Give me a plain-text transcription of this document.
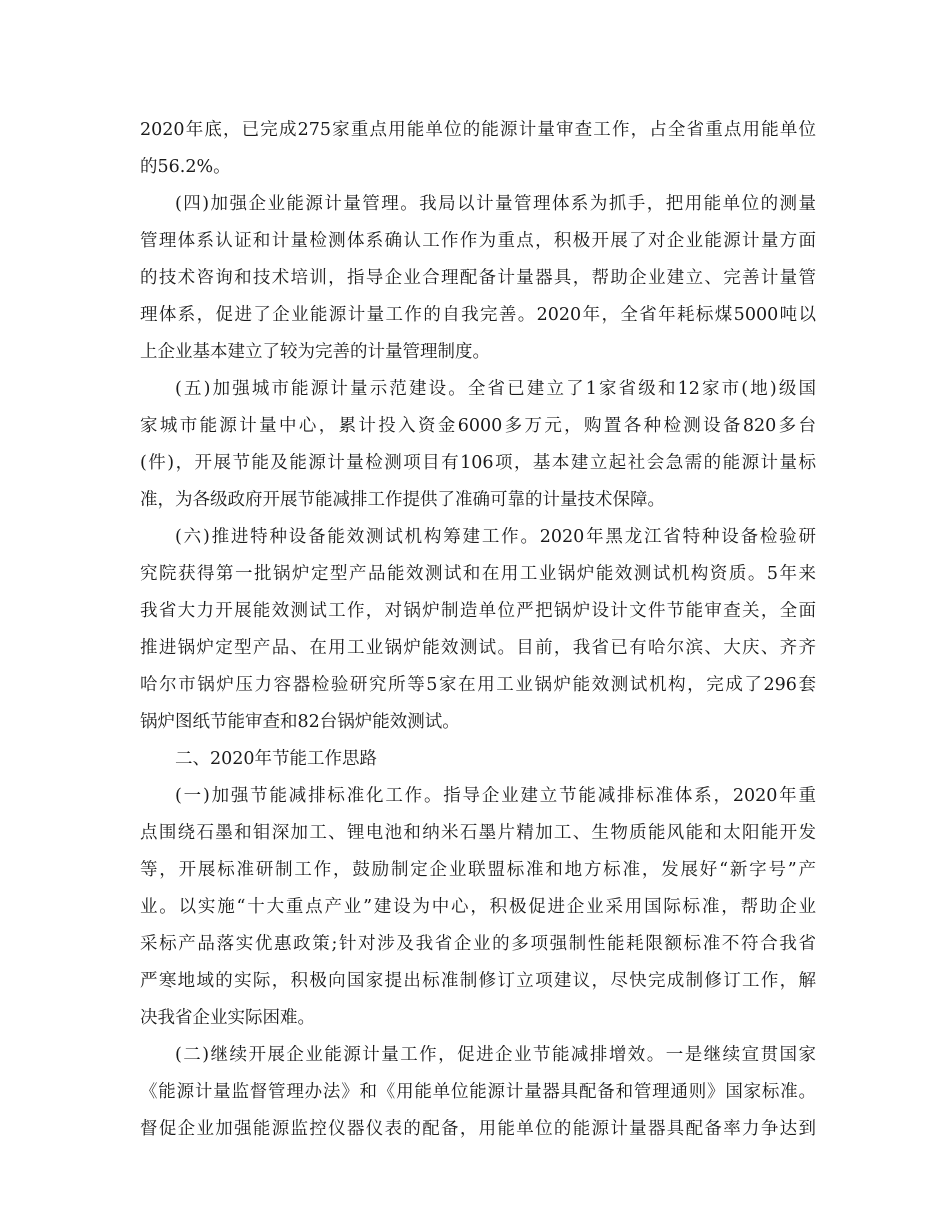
2020年底，已完成275家重点用能单位的能源计量审查工作，占全省重点用能单位
的56.2%。
(四)加强企业能源计量管理。我局以计量管理体系为抓手，把用能单位的测量
管理体系认证和计量检测体系确认工作作为重点，积极开展了对企业能源计量方面
的技术咨询和技术培训，指导企业合理配备计量器具，帮助企业建立、完善计量管
理体系，促进了企业能源计量工作的自我完善。2020年，全省年耗标煤5000吨以
上企业基本建立了较为完善的计量管理制度。
(五)加强城市能源计量示范建设。全省已建立了1家省级和12家市(地)级国
家城市能源计量中心，累计投入资金6000多万元，购置各种检测设备820多台
(件)，开展节能及能源计量检测项目有106项，基本建立起社会急需的能源计量标
准，为各级政府开展节能减排工作提供了准确可靠的计量技术保障。
(六)推进特种设备能效测试机构筹建工作。2020年黑龙江省特种设备检验研
究院获得第一批锅炉定型产品能效测试和在用工业锅炉能效测试机构资质。5年来
我省大力开展能效测试工作，对锅炉制造单位严把锅炉设计文件节能审查关，全面
推进锅炉定型产品、在用工业锅炉能效测试。目前，我省已有哈尔滨、大庆、齐齐
哈尔市锅炉压力容器检验研究所等5家在用工业锅炉能效测试机构，完成了296套
锅炉图纸节能审查和82台锅炉能效测试。
二、2020年节能工作思路
(一)加强节能减排标准化工作。指导企业建立节能减排标准体系，2020年重
点围绕石墨和钼深加工、锂电池和纳米石墨片精加工、生物质能风能和太阳能开发
等，开展标准研制工作，鼓励制定企业联盟标准和地方标准，发展好“新字号”产
业。以实施“十大重点产业”建设为中心，积极促进企业采用国际标准，帮助企业
采标产品落实优惠政策;针对涉及我省企业的多项强制性能耗限额标准不符合我省
严寒地域的实际，积极向国家提出标准制修订立项建议，尽快完成制修订工作，解
决我省企业实际困难。
(二)继续开展企业能源计量工作，促进企业节能减排增效。一是继续宣贯国家
《能源计量监督管理办法》和《用能单位能源计量器具配备和管理通则》国家标准。
督促企业加强能源监控仪器仪表的配备，用能单位的能源计量器具配备率力争达到
